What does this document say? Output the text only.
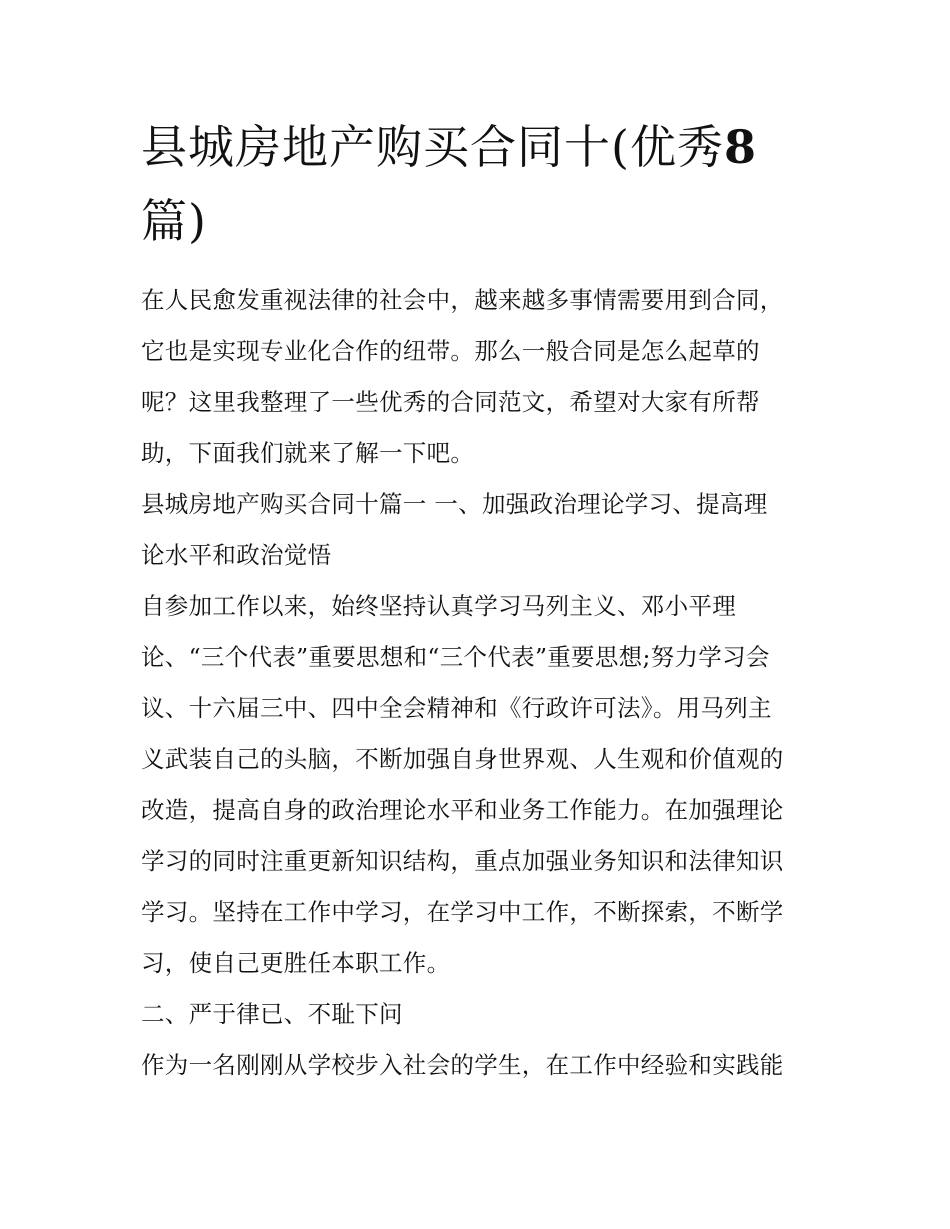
县城房地产购买合同十(优秀8
篇)

在人民愈发重视法律的社会中，越来越多事情需要用到合同，
它也是实现专业化合作的纽带。那么一般合同是怎么起草的
呢？这里我整理了一些优秀的合同范文，希望对大家有所帮
助，下面我们就来了解一下吧。

县城房地产购买合同十篇一 一、加强政治理论学习、提高理
论水平和政治觉悟

自参加工作以来，始终坚持认真学习马列主义、邓小平理
论、“三个代表”重要思想和“三个代表”重要思想;努力学习会
议、十六届三中、四中全会精神和《行政许可法》。用马列主
义武装自己的头脑，不断加强自身世界观、人生观和价值观的
改造，提高自身的政治理论水平和业务工作能力。在加强理论
学习的同时注重更新知识结构，重点加强业务知识和法律知识
学习。坚持在工作中学习，在学习中工作，不断探索，不断学
习，使自己更胜任本职工作。

二、严于律已、不耻下问

作为一名刚刚从学校步入社会的学生，在工作中经验和实践能
